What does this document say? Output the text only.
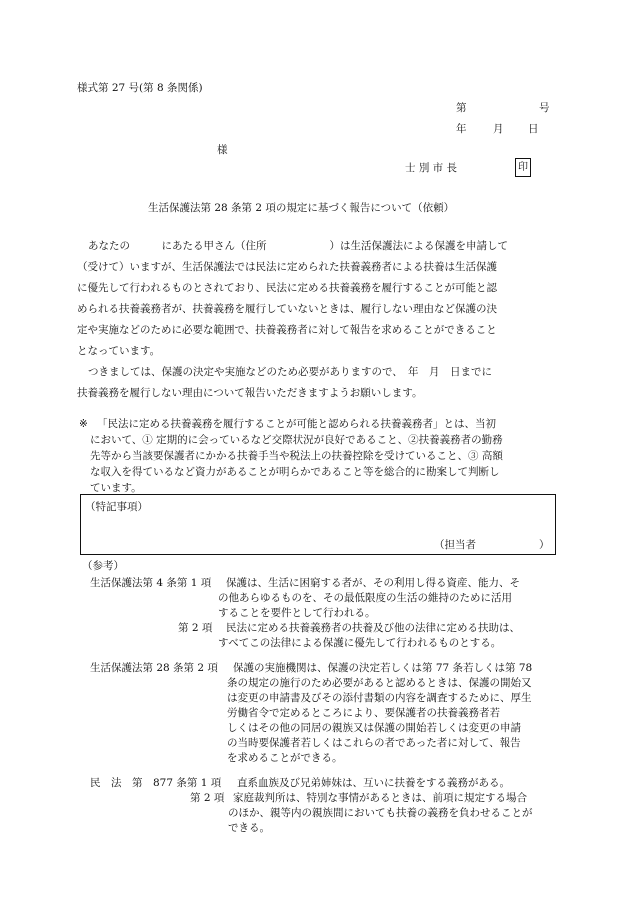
様式第 27 号(第 8 条関係)
第	号
年	月 日
様
士 別 市 長	印
生活保護法第 28 条第 2 項の規定に基づく報告について（依頼）
あなたの　　　にあたる甲さん（住所　　　　　　）は生活保護法による保護を申請して
（受けて）いますが、生活保護法では民法に定められた扶養義務者による扶養は生活保護
に優先して行われるものとされており、民法に定める扶養義務を履行することが可能と認
められる扶養義務者が、扶養義務を履行していないときは、履行しない理由など保護の決
定や実施などのために必要な範囲で、扶養義務者に対して報告を求めることができること
となっています。
つきましては、保護の決定や実施などのため必要がありますので、　年　月　日までに
扶養義務を履行しない理由について報告いただきますようお願いします。
※ 「民法に定める扶養義務を履行することが可能と認められる扶養義務者」とは、当初
において、① 定期的に会っているなど交際状況が良好であること、②扶養義務者の勤務
先等から当該要保護者にかかる扶養手当や税法上の扶養控除を受けていること、③ 高額
な収入を得ているなど資力があることが明らかであること等を総合的に勘案して判断し
ています。
（特記事項）
（担当者　　　　　　）
（参考）
生活保護法第 4 条第 1 項 保護は、生活に困窮する者が、その利用し得る資産、能力、そ
の他あらゆるものを、その最低限度の生活の維持のために活用
することを要件として行われる。
第 2 項 民法に定める扶養義務者の扶養及び他の法律に定める扶助は、
すべてこの法律による保護に優先して行われるものとする。
生活保護法第 28 条第 2 項 保護の実施機関は、保護の決定若しくは第 77 条若しくは第 78
条の規定の施行のため必要があると認めるときは、保護の開始又
は変更の申請書及びその添付書類の内容を調査するために、厚生
労働省令で定めるところにより、要保護者の扶養義務者若
しくはその他の同居の親族又は保護の開始若しくは変更の申請
の当時要保護者若しくはこれらの者であった者に対して、報告
を求めることができる。
民　法　第　877 条第 1 項 直系血族及び兄弟姉妹は、互いに扶養をする義務がある。
第 2 項 家庭裁判所は、特別な事情があるときは、前項に規定する場合
のほか、親等内の親族間においても扶養の義務を負わせることが
できる。
